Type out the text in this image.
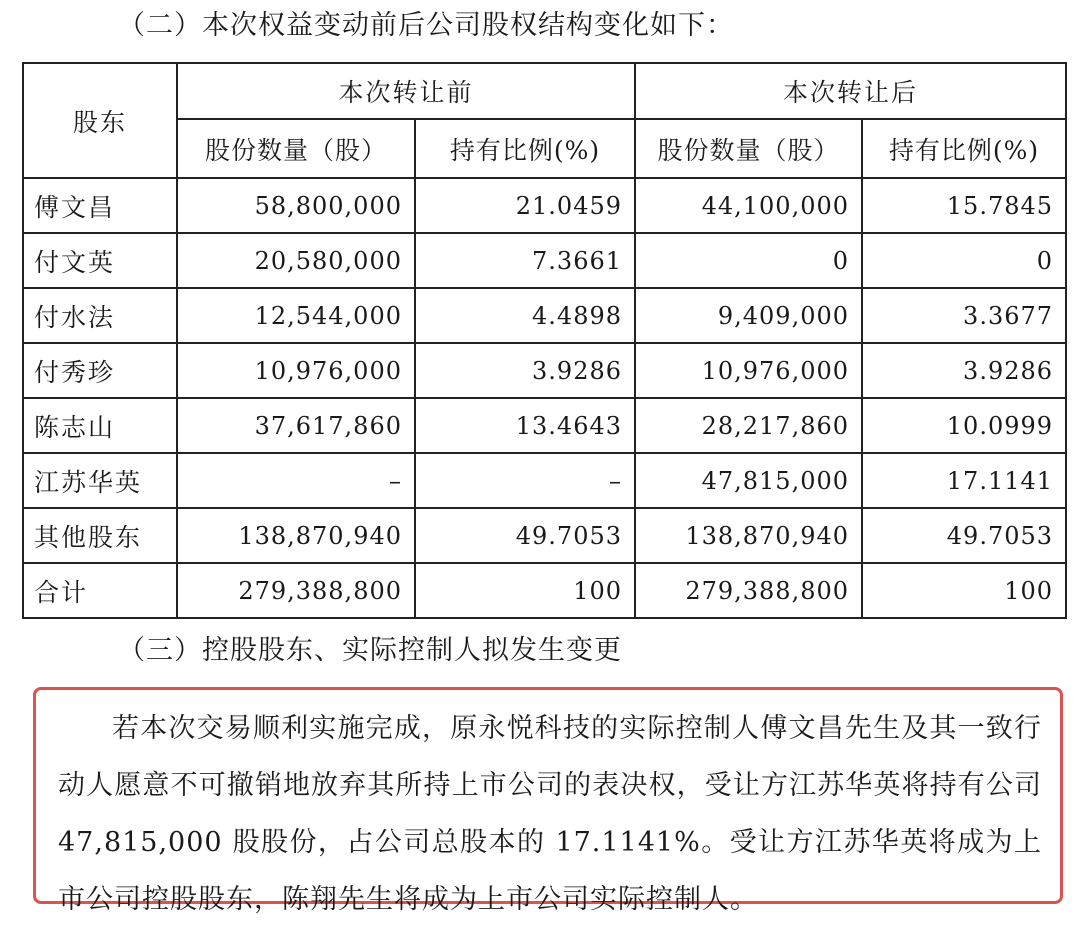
（二）本次权益变动前后公司股权结构变化如下：
股东	本次转让前		本次转让后	
	股份数量（股）	持有比例(%)	股份数量（股）	持有比例(%)
傅文昌	58,800,000	21.0459	44,100,000	15.7845
付文英	20,580,000	7.3661	0	0
付水法	12,544,000	4.4898	9,409,000	3.3677
付秀珍	10,976,000	3.9286	10,976,000	3.9286
陈志山	37,617,860	13.4643	28,217,860	10.0999
江苏华英	–	–	47,815,000	17.1141
其他股东	138,870,940	49.7053	138,870,940	49.7053
合计	279,388,800	100	279,388,800	100
（三）控股股东、实际控制人拟发生变更

若本次交易顺利实施完成，原永悦科技的实际控制人傅文昌先生及其一致行动人愿意不可撤销地放弃其所持上市公司的表决权，受让方江苏华英将持有公司47,815,000 股股份，占公司总股本的 17.1141%。受让方江苏华英将成为上市公司控股股东，陈翔先生将成为上市公司实际控制人。
